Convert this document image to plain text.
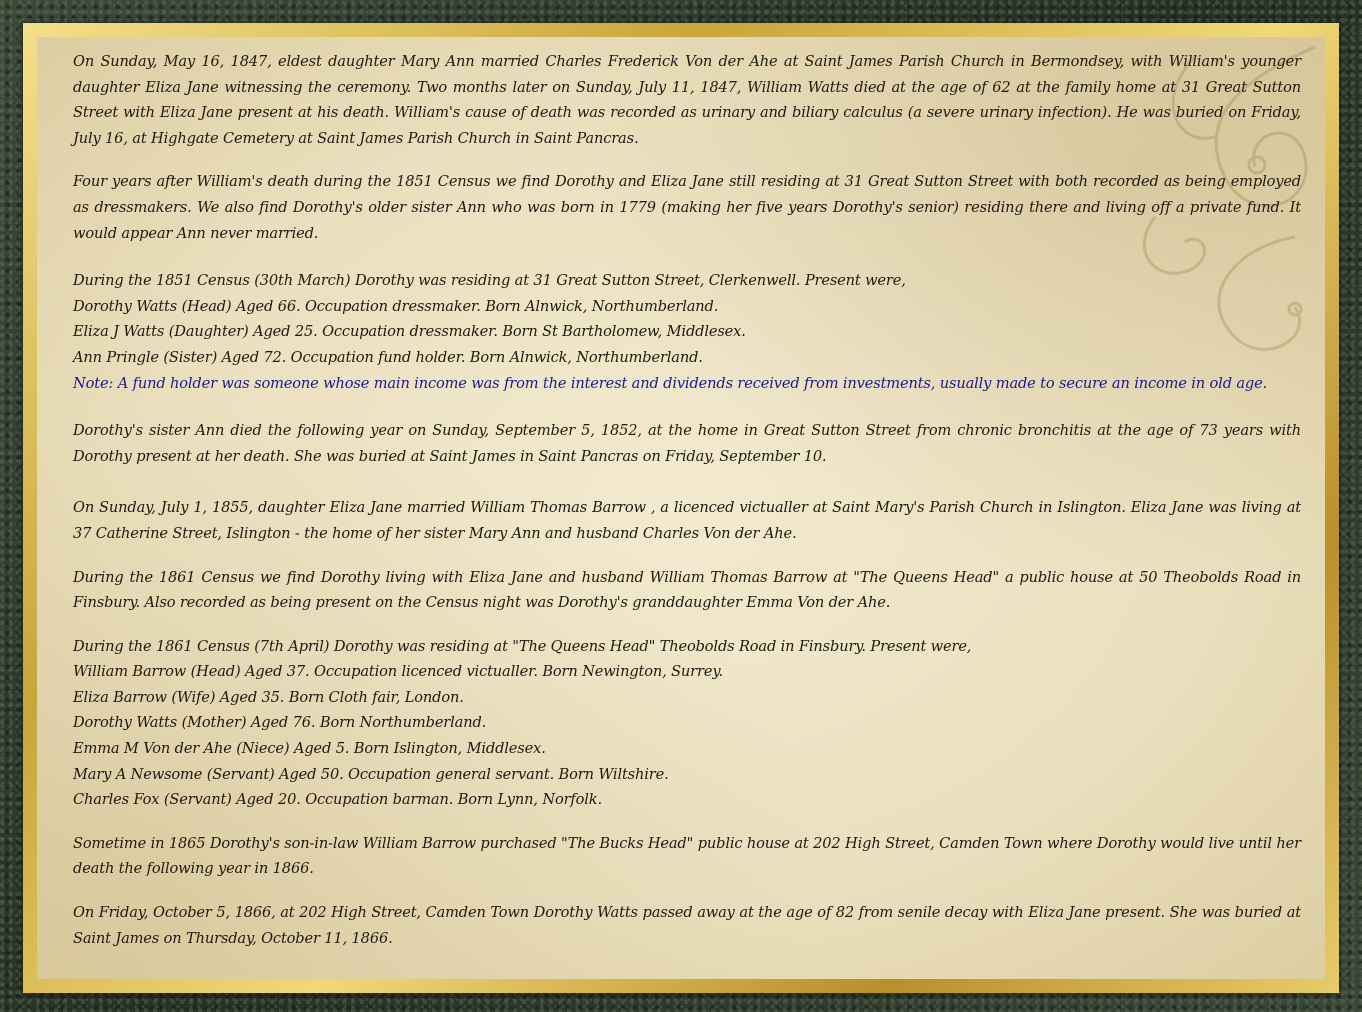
On Sunday, May 16, 1847, eldest daughter Mary Ann married Charles Frederick Von der Ahe at Saint James Parish Church in Bermondsey, with William's younger daughter Eliza Jane witnessing the ceremony. Two months later on Sunday, July 11, 1847, William Watts died at the age of 62 at the family home at 31 Great Sutton Street with Eliza Jane present at his death. William's cause of death was recorded as urinary and biliary calculus (a severe urinary infection). He was buried on Friday, July 16, at Highgate Cemetery at Saint James Parish Church in Saint Pancras.

Four years after William's death during the 1851 Census we find Dorothy and Eliza Jane still residing at 31 Great Sutton Street with both recorded as being employed as dressmakers. We also find Dorothy's older sister Ann who was born in 1779 (making her five years Dorothy's senior) residing there and living off a private fund. It would appear Ann never married.

During the 1851 Census (30th March) Dorothy was residing at 31 Great Sutton Street, Clerkenwell. Present were,
Dorothy Watts (Head) Aged 66. Occupation dressmaker. Born Alnwick, Northumberland.
Eliza J Watts (Daughter) Aged 25. Occupation dressmaker. Born St Bartholomew, Middlesex.
Ann Pringle (Sister) Aged 72. Occupation fund holder. Born Alnwick, Northumberland.
Note: A fund holder was someone whose main income was from the interest and dividends received from investments, usually made to secure an income in old age.

Dorothy's sister Ann died the following year on Sunday, September 5, 1852, at the home in Great Sutton Street from chronic bronchitis at the age of 73 years with Dorothy present at her death. She was buried at Saint James in Saint Pancras on Friday, September 10.

On Sunday, July 1, 1855, daughter Eliza Jane married William Thomas Barrow , a licenced victualler at Saint Mary's Parish Church in Islington. Eliza Jane was living at 37 Catherine Street, Islington - the home of her sister Mary Ann and husband Charles Von der Ahe.

During the 1861 Census we find Dorothy living with Eliza Jane and husband William Thomas Barrow at "The Queens Head" a public house at 50 Theobolds Road in Finsbury. Also recorded as being present on the Census night was Dorothy's granddaughter Emma Von der Ahe.

During the 1861 Census (7th April) Dorothy was residing at "The Queens Head" Theobolds Road in Finsbury. Present were,
William Barrow (Head) Aged 37. Occupation licenced victualler. Born Newington, Surrey.
Eliza Barrow (Wife) Aged 35. Born Cloth fair, London.
Dorothy Watts (Mother) Aged 76. Born Northumberland.
Emma M Von der Ahe (Niece) Aged 5. Born Islington, Middlesex.
Mary A Newsome (Servant) Aged 50. Occupation general servant. Born Wiltshire.
Charles Fox (Servant) Aged 20. Occupation barman. Born Lynn, Norfolk.

Sometime in 1865 Dorothy's son-in-law William Barrow purchased "The Bucks Head" public house at 202 High Street, Camden Town where Dorothy would live until her death the following year in 1866.

On Friday, October 5, 1866, at 202 High Street, Camden Town Dorothy Watts passed away at the age of 82 from senile decay with Eliza Jane present. She was buried at Saint James on Thursday, October 11, 1866.
